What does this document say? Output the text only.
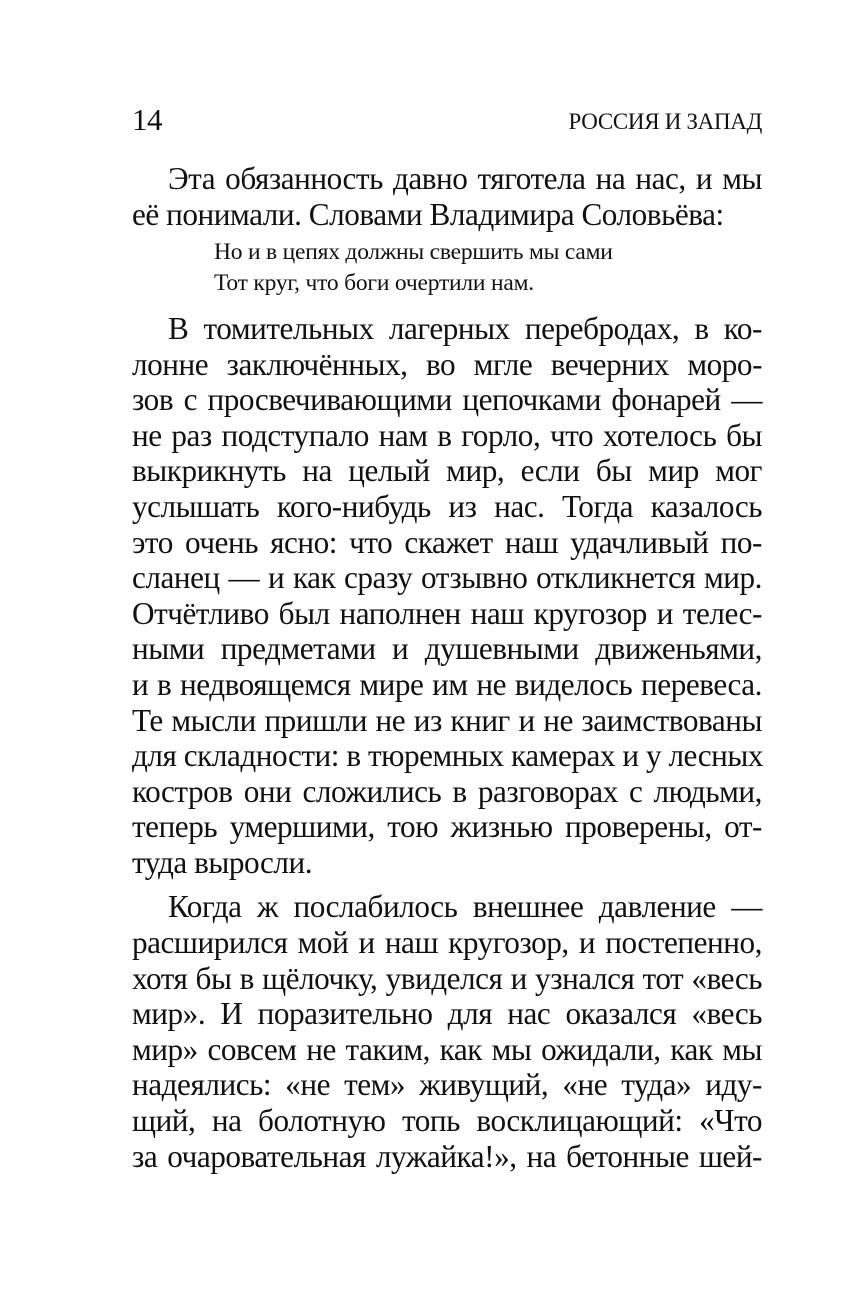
14	РОССИЯ И ЗАПАД
Эта обязанность давно тяготела на нас, и мы
её понимали. Словами Владимира Соловьёва:
Но и в цепях должны свершить мы сами
Тот круг, что боги очертили нам.
В томительных лагерных перебродах, в ко-
лонне заключённых, во мгле вечерних моро-
зов с просвечивающими цепочками фонарей —
не раз подступало нам в горло, что хотелось бы
выкрикнуть на целый мир, если бы мир мог
услышать кого-нибудь из нас. Тогда казалось
это очень ясно: что скажет наш удачливый по-
сланец — и как сразу отзывно откликнется мир.
Отчётливо был наполнен наш кругозор и телес-
ными предметами и душевными движеньями,
и в недвоящемся мире им не виделось перевеса.
Те мысли пришли не из книг и не заимствованы
для складности: в тюремных камерах и у лесных
костров они сложились в разговорах с людьми,
теперь умершими, тою жизнью проверены, от-
туда выросли.
Когда ж послабилось внешнее давление —
расширился мой и наш кругозор, и постепенно,
хотя бы в щёлочку, увиделся и узнался тот «весь
мир». И поразительно для нас оказался «весь
мир» совсем не таким, как мы ожидали, как мы
надеялись: «не тем» живущий, «не туда» иду-
щий, на болотную топь восклицающий: «Что
за очаровательная лужайка!», на бетонные шей-
